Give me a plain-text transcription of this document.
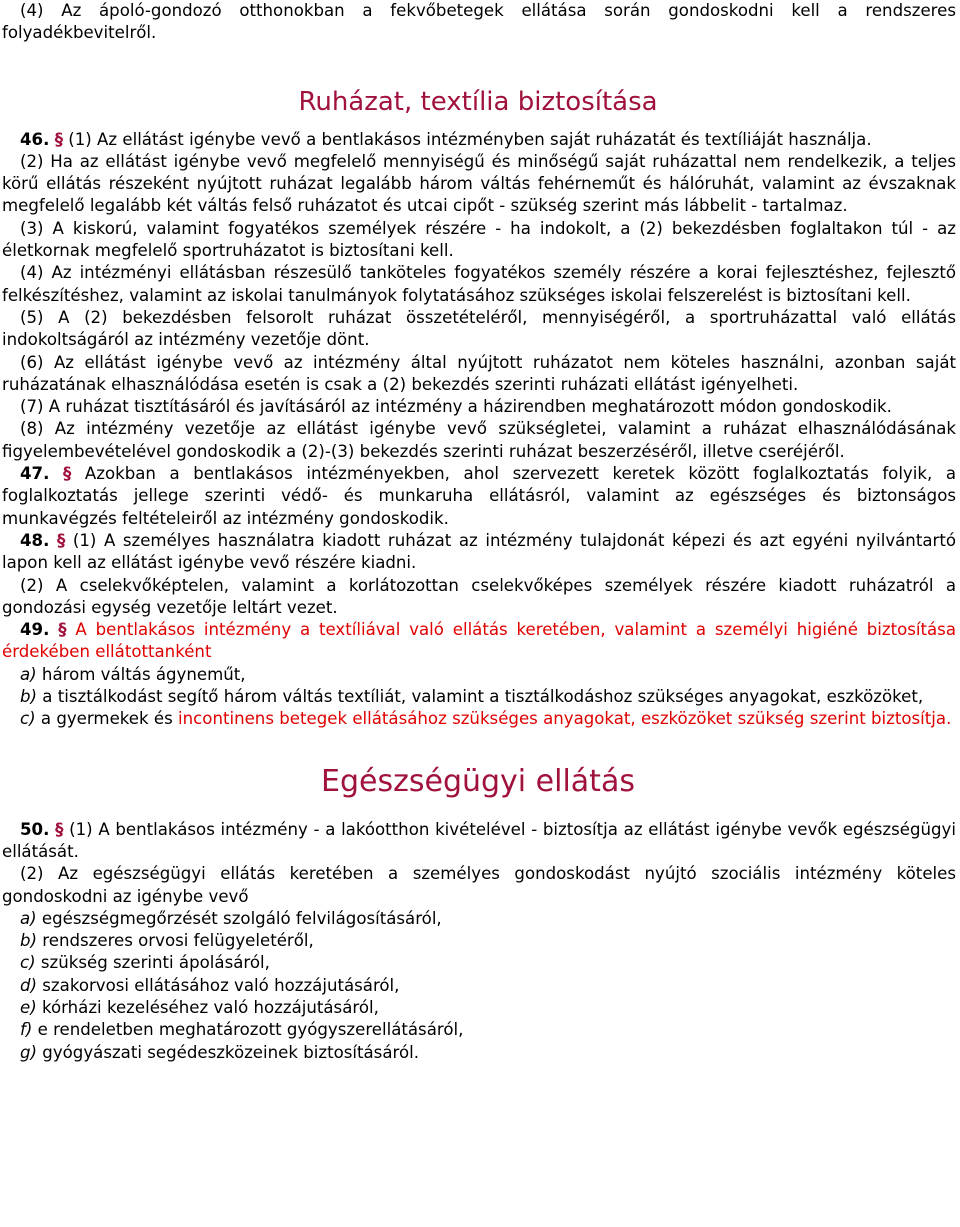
(4) Az ápoló-gondozó otthonokban a fekvőbetegek ellátása során gondoskodni kell a rendszeres folyadékbevitelről.

Ruházat, textília biztosítása

46. § (1) Az ellátást igénybe vevő a bentlakásos intézményben saját ruházatát és textíliáját használja.

(2) Ha az ellátást igénybe vevő megfelelő mennyiségű és minőségű saját ruházattal nem rendelkezik, a teljes körű ellátás részeként nyújtott ruházat legalább három váltás fehérneműt és hálóruhát, valamint az évszaknak megfelelő legalább két váltás felső ruházatot és utcai cipőt - szükség szerint más lábbelit - tartalmaz.

(3) A kiskorú, valamint fogyatékos személyek részére - ha indokolt, a (2) bekezdésben foglaltakon túl - az életkornak megfelelő sportruházatot is biztosítani kell.

(4) Az intézményi ellátásban részesülő tanköteles fogyatékos személy részére a korai fejlesztéshez, fejlesztő felkészítéshez, valamint az iskolai tanulmányok folytatásához szükséges iskolai felszerelést is biztosítani kell.

(5) A (2) bekezdésben felsorolt ruházat összetételéről, mennyiségéről, a sportruházattal való ellátás indokoltságáról az intézmény vezetője dönt.

(6) Az ellátást igénybe vevő az intézmény által nyújtott ruházatot nem köteles használni, azonban saját ruházatának elhasználódása esetén is csak a (2) bekezdés szerinti ruházati ellátást igényelheti.

(7) A ruházat tisztításáról és javításáról az intézmény a házirendben meghatározott módon gondoskodik.

(8) Az intézmény vezetője az ellátást igénybe vevő szükségletei, valamint a ruházat elhasználódásának figyelembevételével gondoskodik a (2)-(3) bekezdés szerinti ruházat beszerzéséről, illetve cseréjéről.

47. § Azokban a bentlakásos intézményekben, ahol szervezett keretek között foglalkoztatás folyik, a foglalkoztatás jellege szerinti védő- és munkaruha ellátásról, valamint az egészséges és biztonságos munkavégzés feltételeiről az intézmény gondoskodik.

48. § (1) A személyes használatra kiadott ruházat az intézmény tulajdonát képezi és azt egyéni nyilvántartó lapon kell az ellátást igénybe vevő részére kiadni.

(2) A cselekvőképtelen, valamint a korlátozottan cselekvőképes személyek részére kiadott ruházatról a gondozási egység vezetője leltárt vezet.

49. § A bentlakásos intézmény a textíliával való ellátás keretében, valamint a személyi higiéné biztosítása érdekében ellátottanként

a) három váltás ágyneműt,

b) a tisztálkodást segítő három váltás textíliát, valamint a tisztálkodáshoz szükséges anyagokat, eszközöket,

c) a gyermekek és incontinens betegek ellátásához szükséges anyagokat, eszközöket szükség szerint biztosítja.

Egészségügyi ellátás

50. § (1) A bentlakásos intézmény - a lakóotthon kivételével - biztosítja az ellátást igénybe vevők egészségügyi ellátását.

(2) Az egészségügyi ellátás keretében a személyes gondoskodást nyújtó szociális intézmény köteles gondoskodni az igénybe vevő

a) egészségmegőrzését szolgáló felvilágosításáról,

b) rendszeres orvosi felügyeletéről,

c) szükség szerinti ápolásáról,

d) szakorvosi ellátásához való hozzájutásáról,

e) kórházi kezeléséhez való hozzájutásáról,

f) e rendeletben meghatározott gyógyszerellátásáról,

g) gyógyászati segédeszközeinek biztosításáról.
